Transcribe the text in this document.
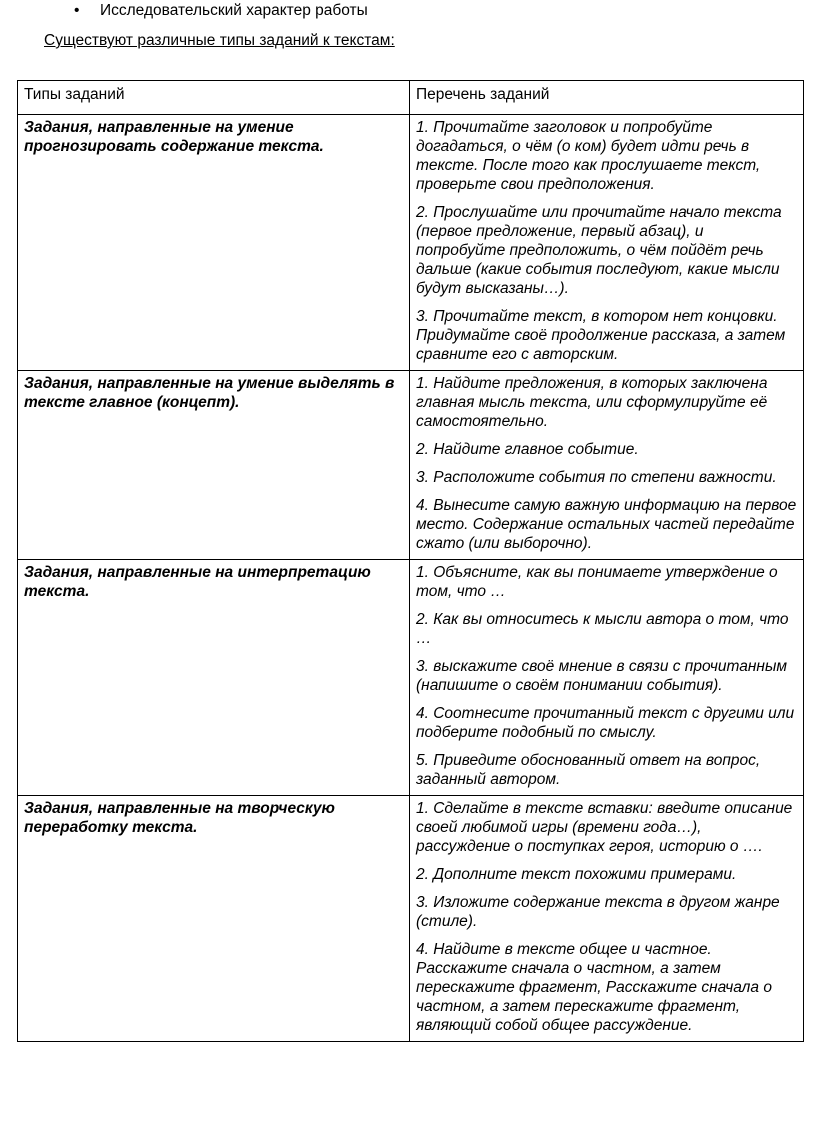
• Исследовательский характер работы
Существуют различные типы заданий к текстам:
Типы заданий	Перечень заданий
Задания, направленные на умение прогнозировать содержание текста.	1. Прочитайте заголовок и попробуйте догадаться, о чём (о ком) будет идти речь в тексте. После того как прослушаете текст, проверьте свои предположения.

2. Прослушайте или прочитайте начало текста (первое предложение, первый абзац), и попробуйте предположить, о чём пойдёт речь дальше (какие события последуют, какие мысли будут высказаны…).

3. Прочитайте текст, в котором нет концовки. Придумайте своё продолжение рассказа, а затем сравните его с авторским.

Задания, направленные на умение выделять в тексте главное (концепт).	1. Найдите предложения, в которых заключена главная мысль текста, или сформулируйте её самостоятельно.

2. Найдите главное событие.

3. Расположите события по степени важности.

4. Вынесите самую важную информацию на первое место. Содержание остальных частей передайте сжато (или выборочно).

Задания, направленные на интерпретацию текста.	1. Объясните, как вы понимаете утверждение о том, что …

2. Как вы относитесь к мысли автора о том, что …

3. выскажите своё мнение в связи с прочитанным (напишите о своём понимании события).

4. Соотнесите прочитанный текст с другими или подберите подобный по смыслу.

5. Приведите обоснованный ответ на вопрос, заданный автором.

Задания, направленные на творческую переработку текста.	1. Сделайте в тексте вставки: введите описание своей любимой игры (времени года…), рассуждение о поступках героя, историю о ….

2. Дополните текст похожими примерами.

3. Изложите содержание текста в другом жанре (стиле).

4. Найдите в тексте общее и частное. Расскажите сначала о частном, а затем перескажите фрагмент, Расскажите сначала о частном, а затем перескажите фрагмент, являющий собой общее рассуждение.
